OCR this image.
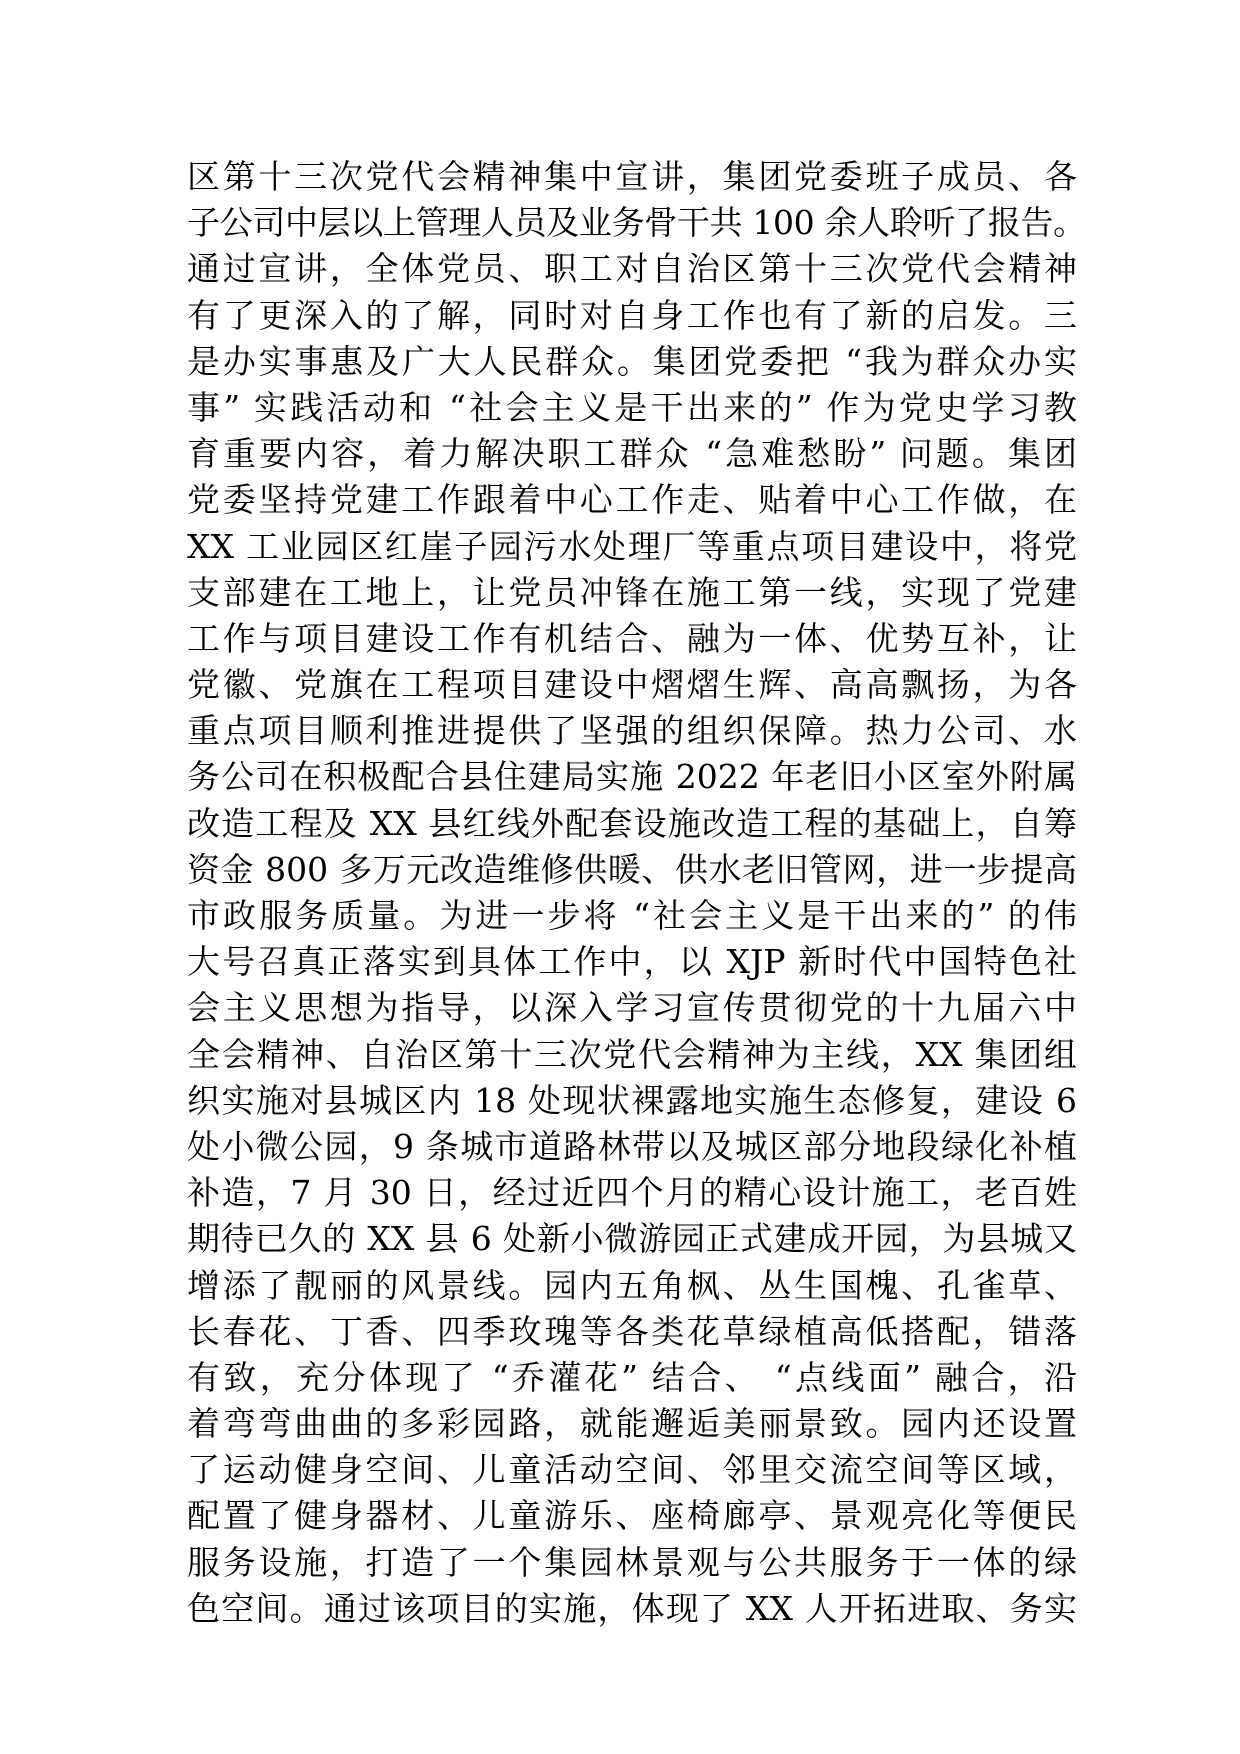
区第十三次党代会精神集中宣讲，集团党委班子成员、各
子公司中层以上管理人员及业务骨干共 100 余人聆听了报告。
通过宣讲，全体党员、职工对自治区第十三次党代会精神
有了更深入的了解，同时对自身工作也有了新的启发。三
是办实事惠及广大人民群众。集团党委把 “我为群众办实
事” 实践活动和 “社会主义是干出来的” 作为党史学习教
育重要内容，着力解决职工群众 “急难愁盼” 问题。集团
党委坚持党建工作跟着中心工作走、贴着中心工作做，在
XX 工业园区红崖子园污水处理厂等重点项目建设中，将党
支部建在工地上，让党员冲锋在施工第一线，实现了党建
工作与项目建设工作有机结合、融为一体、优势互补，让
党徽、党旗在工程项目建设中熠熠生辉、高高飘扬，为各
重点项目顺利推进提供了坚强的组织保障。热力公司、水
务公司在积极配合县住建局实施 2022 年老旧小区室外附属
改造工程及 XX 县红线外配套设施改造工程的基础上，自筹
资金 800 多万元改造维修供暖、供水老旧管网，进一步提高
市政服务质量。为进一步将 “社会主义是干出来的” 的伟
大号召真正落实到具体工作中，以 XJP 新时代中国特色社
会主义思想为指导，以深入学习宣传贯彻党的十九届六中
全会精神、自治区第十三次党代会精神为主线，XX 集团组
织实施对县城区内 18 处现状裸露地实施生态修复，建设 6
处小微公园，9 条城市道路林带以及城区部分地段绿化补植
补造，7 月 30 日，经过近四个月的精心设计施工，老百姓
期待已久的 XX 县 6 处新小微游园正式建成开园，为县城又
增添了靓丽的风景线。园内五角枫、丛生国槐、孔雀草、
长春花、丁香、四季玫瑰等各类花草绿植高低搭配，错落
有致，充分体现了 “乔灌花” 结合、 “点线面” 融合，沿
着弯弯曲曲的多彩园路，就能邂逅美丽景致。园内还设置
了运动健身空间、儿童活动空间、邻里交流空间等区域，
配置了健身器材、儿童游乐、座椅廊亭、景观亮化等便民
服务设施，打造了一个集园林景观与公共服务于一体的绿
色空间。通过该项目的实施，体现了 XX 人开拓进取、务实
